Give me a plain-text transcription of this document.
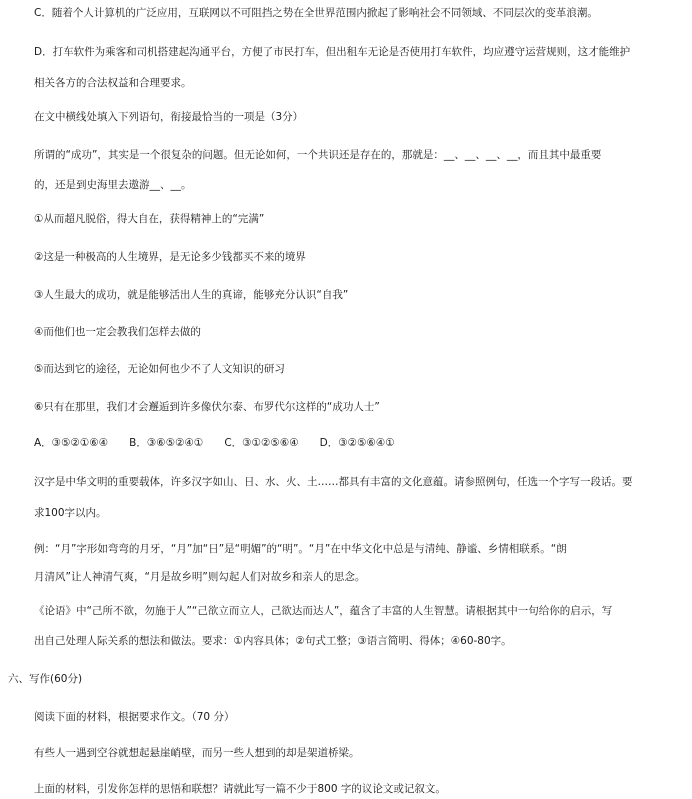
C．随着个人计算机的广泛应用，互联网以不可阻挡之势在全世界范围内掀起了影响社会不同领域、不同层次的变革浪潮。
D．打车软件为乘客和司机搭建起沟通平台，方便了市民打车，但出租车无论是否使用打车软件，均应遵守运营规则，这才能维护
相关各方的合法权益和合理要求。
在文中横线处填入下列语句，衔接最恰当的一项是（3分）
所谓的“成功”，其实是一个很复杂的问题。但无论如何，一个共识还是存在的，那就是：__、__、__、__，而且其中最重要
的，还是到史海里去遨游__、__。
①从而超凡脱俗，得大自在，获得精神上的“完满”
②这是一种极高的人生境界，是无论多少钱都买不来的境界
③人生最大的成功，就是能够活出人生的真谛，能够充分认识“自我”
④而他们也一定会教我们怎样去做的
⑤而达到它的途径，无论如何也少不了人文知识的研习
⑥只有在那里，我们才会邂逅到许多像伏尔泰、布罗代尔这样的“成功人士”
A．③⑤②①⑥④　　B．③⑥⑤②④①　　C．③①②⑤⑥④　　D．③②⑤⑥④①
汉字是中华文明的重要载体，许多汉字如山、日、水、火、土……都具有丰富的文化意蕴。请参照例句，任选一个字写一段话。要
求100字以内。
例：“月”字形如弯弯的月牙，“月”加“日”是“明媚”的“明”。“月”在中华文化中总是与清纯、静谧、乡情相联系。“朗
月清风”让人神清气爽，“月是故乡明”则勾起人们对故乡和亲人的思念。
《论语》中“己所不欲，勿施于人”“己欲立而立人，己欲达而达人”，蕴含了丰富的人生智慧。请根据其中一句给你的启示，写
出自己处理人际关系的想法和做法。要求：①内容具体；②句式工整；③语言简明、得体；④60-80字。
六、写作(60分)
阅读下面的材料，根据要求作文。（70 分）
有些人一遇到空谷就想起悬崖峭壁，而另一些人想到的却是架道桥梁。
上面的材料，引发你怎样的思悟和联想？请就此写一篇不少于800 字的议论文或记叙文。
